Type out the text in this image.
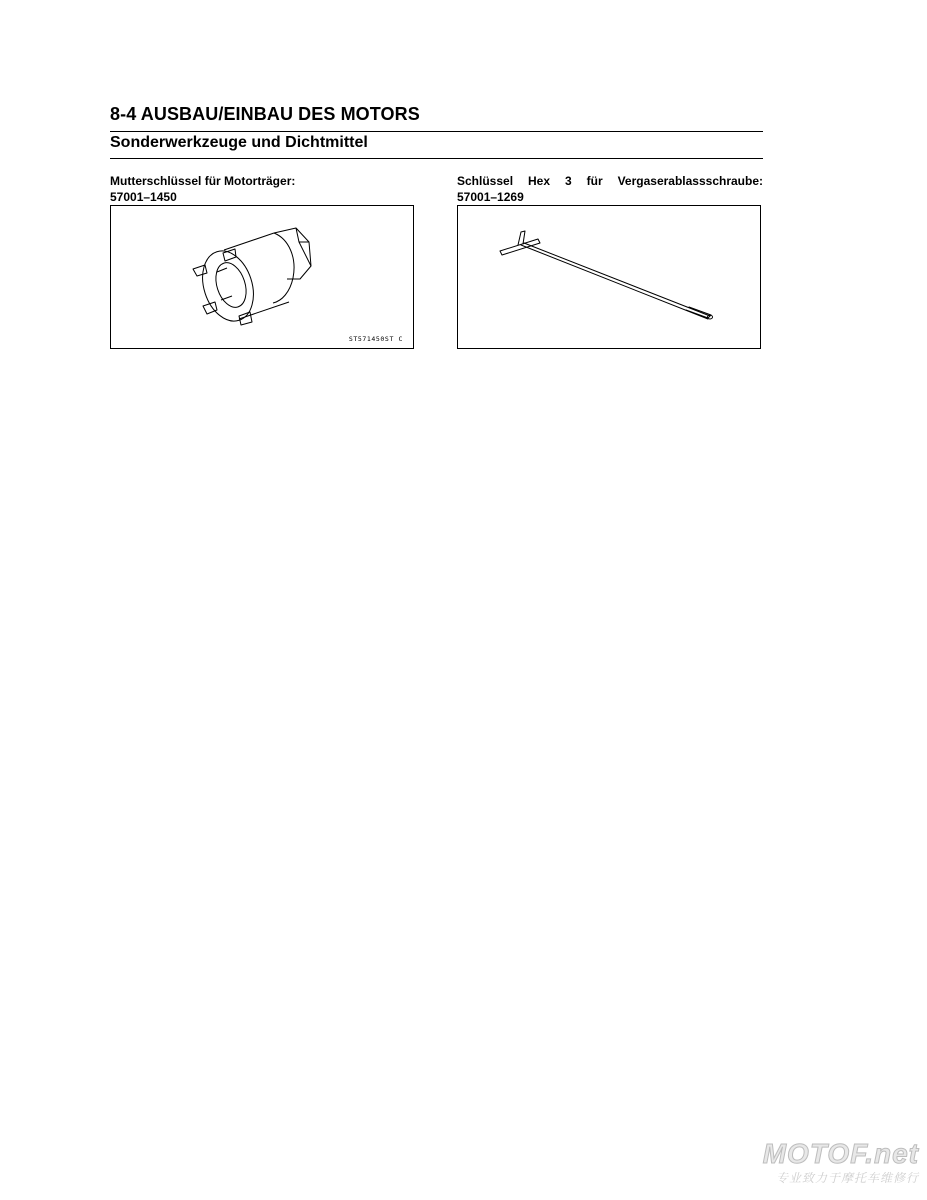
8-4 AUSBAU/EINBAU DES MOTORS
Sonderwerkzeuge und Dichtmittel
Mutterschlüssel für Motorträger:
57001–1450
ST571450ST C
Schlüssel Hex 3 für Vergaserablassschraube:
57001–1269
MOTOF.net
专业致力于摩托车维修行
